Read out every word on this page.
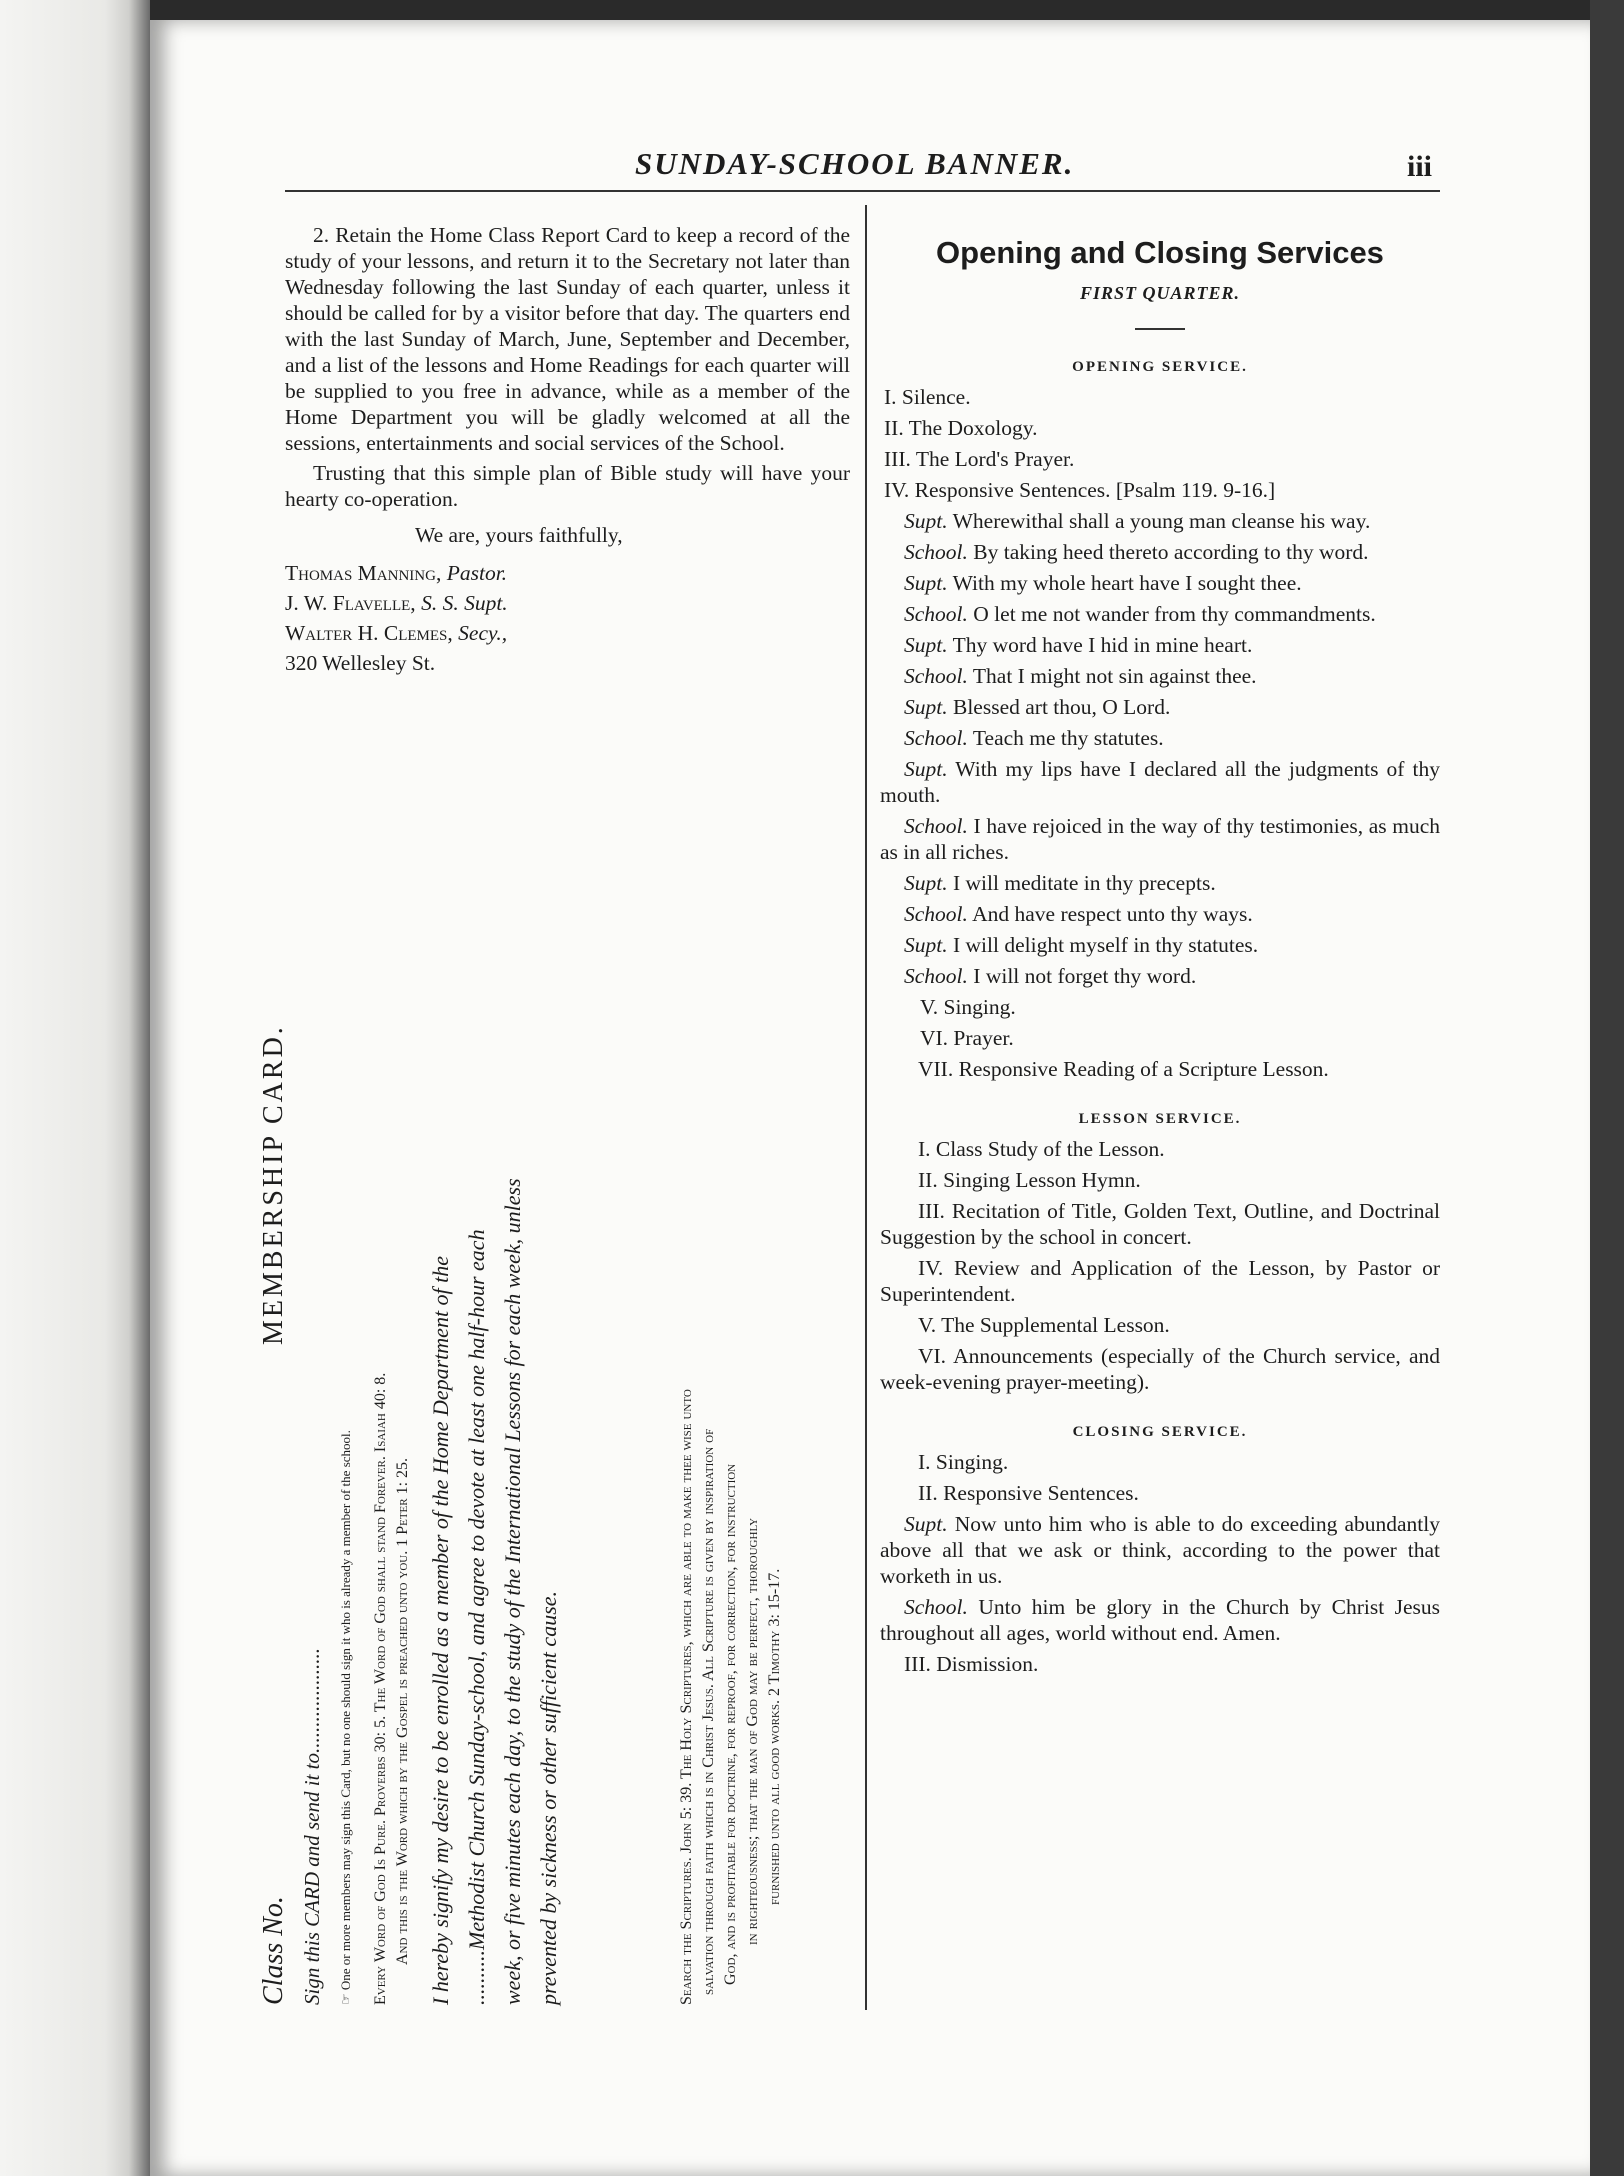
SUNDAY-SCHOOL BANNER.	iii

2. Retain the Home Class Report Card to keep a record of the study of your lessons, and return it to the Secretary not later than Wednesday following the last Sunday of each quarter, unless it should be called for by a visitor before that day. The quarters end with the last Sunday of March, June, September and December, and a list of the lessons and Home Readings for each quarter will be supplied to you free in advance, while as a member of the Home Department you will be gladly welcomed at all the sessions, entertainments and social services of the School.

Trusting that this simple plan of Bible study will have your hearty co-operation.

We are, yours faithfully,

Thomas Manning, Pastor.

J. W. Flavelle, S. S. Supt.

Walter H. Clemes, Secy.,

320 Wellesley St.

Class No.
MEMBERSHIP CARD.
Sign this CARD and send it to.................... ☞ One or more members may sign this Card, but no one should sign it who is already a member of the school. Every Word of God Is Pure. Proverbs 30: 5. The Word of God shall stand Forever. Isaiah 40: 8. And this is the Word which by the Gospel is preached unto you. 1 Peter 1: 25. I hereby signify my desire to be enrolled as a member of the Home Department of the ..........Methodist Church Sunday-school, and agree to devote at least one half-hour each week, or five minutes each day, to the study of the International Lessons for each week, unless prevented by sickness or other sufficient cause.	Search the Scriptures. John 5: 39. The Holy Scriptures, which are able to make thee wise unto salvation through faith which is in Christ Jesus. All Scripture is given by inspiration of God, and is profitable for doctrine, for reproof, for correction, for instruction in righteousness; that the man of God may be perfect, thoroughly furnished unto all good works. 2 Timothy 3: 15-17.
Opening and Closing Services
FIRST QUARTER.
OPENING SERVICE.

I. Silence.

II. The Doxology.

III. The Lord's Prayer.

IV. Responsive Sentences. [Psalm 119. 9-16.]

Supt. Wherewithal shall a young man cleanse his way.

School. By taking heed thereto according to thy word.

Supt. With my whole heart have I sought thee.

School. O let me not wander from thy commandments.

Supt. Thy word have I hid in mine heart.

School. That I might not sin against thee.

Supt. Blessed art thou, O Lord.

School. Teach me thy statutes.

Supt. With my lips have I declared all the judgments of thy mouth.

School. I have rejoiced in the way of thy testimonies, as much as in all riches.

Supt. I will meditate in thy precepts.

School. And have respect unto thy ways.

Supt. I will delight myself in thy statutes.

School. I will not forget thy word.

V. Singing.

VI. Prayer.

VII. Responsive Reading of a Scripture Lesson.

LESSON SERVICE.

I. Class Study of the Lesson.

II. Singing Lesson Hymn.

III. Recitation of Title, Golden Text, Outline, and Doctrinal Suggestion by the school in concert.

IV. Review and Application of the Lesson, by Pastor or Superintendent.

V. The Supplemental Lesson.

VI. Announcements (especially of the Church service, and week-evening prayer-meeting).

CLOSING SERVICE.

I. Singing.

II. Responsive Sentences.

Supt. Now unto him who is able to do exceeding abundantly above all that we ask or think, according to the power that worketh in us.

School. Unto him be glory in the Church by Christ Jesus throughout all ages, world without end. Amen.

III. Dismission.
